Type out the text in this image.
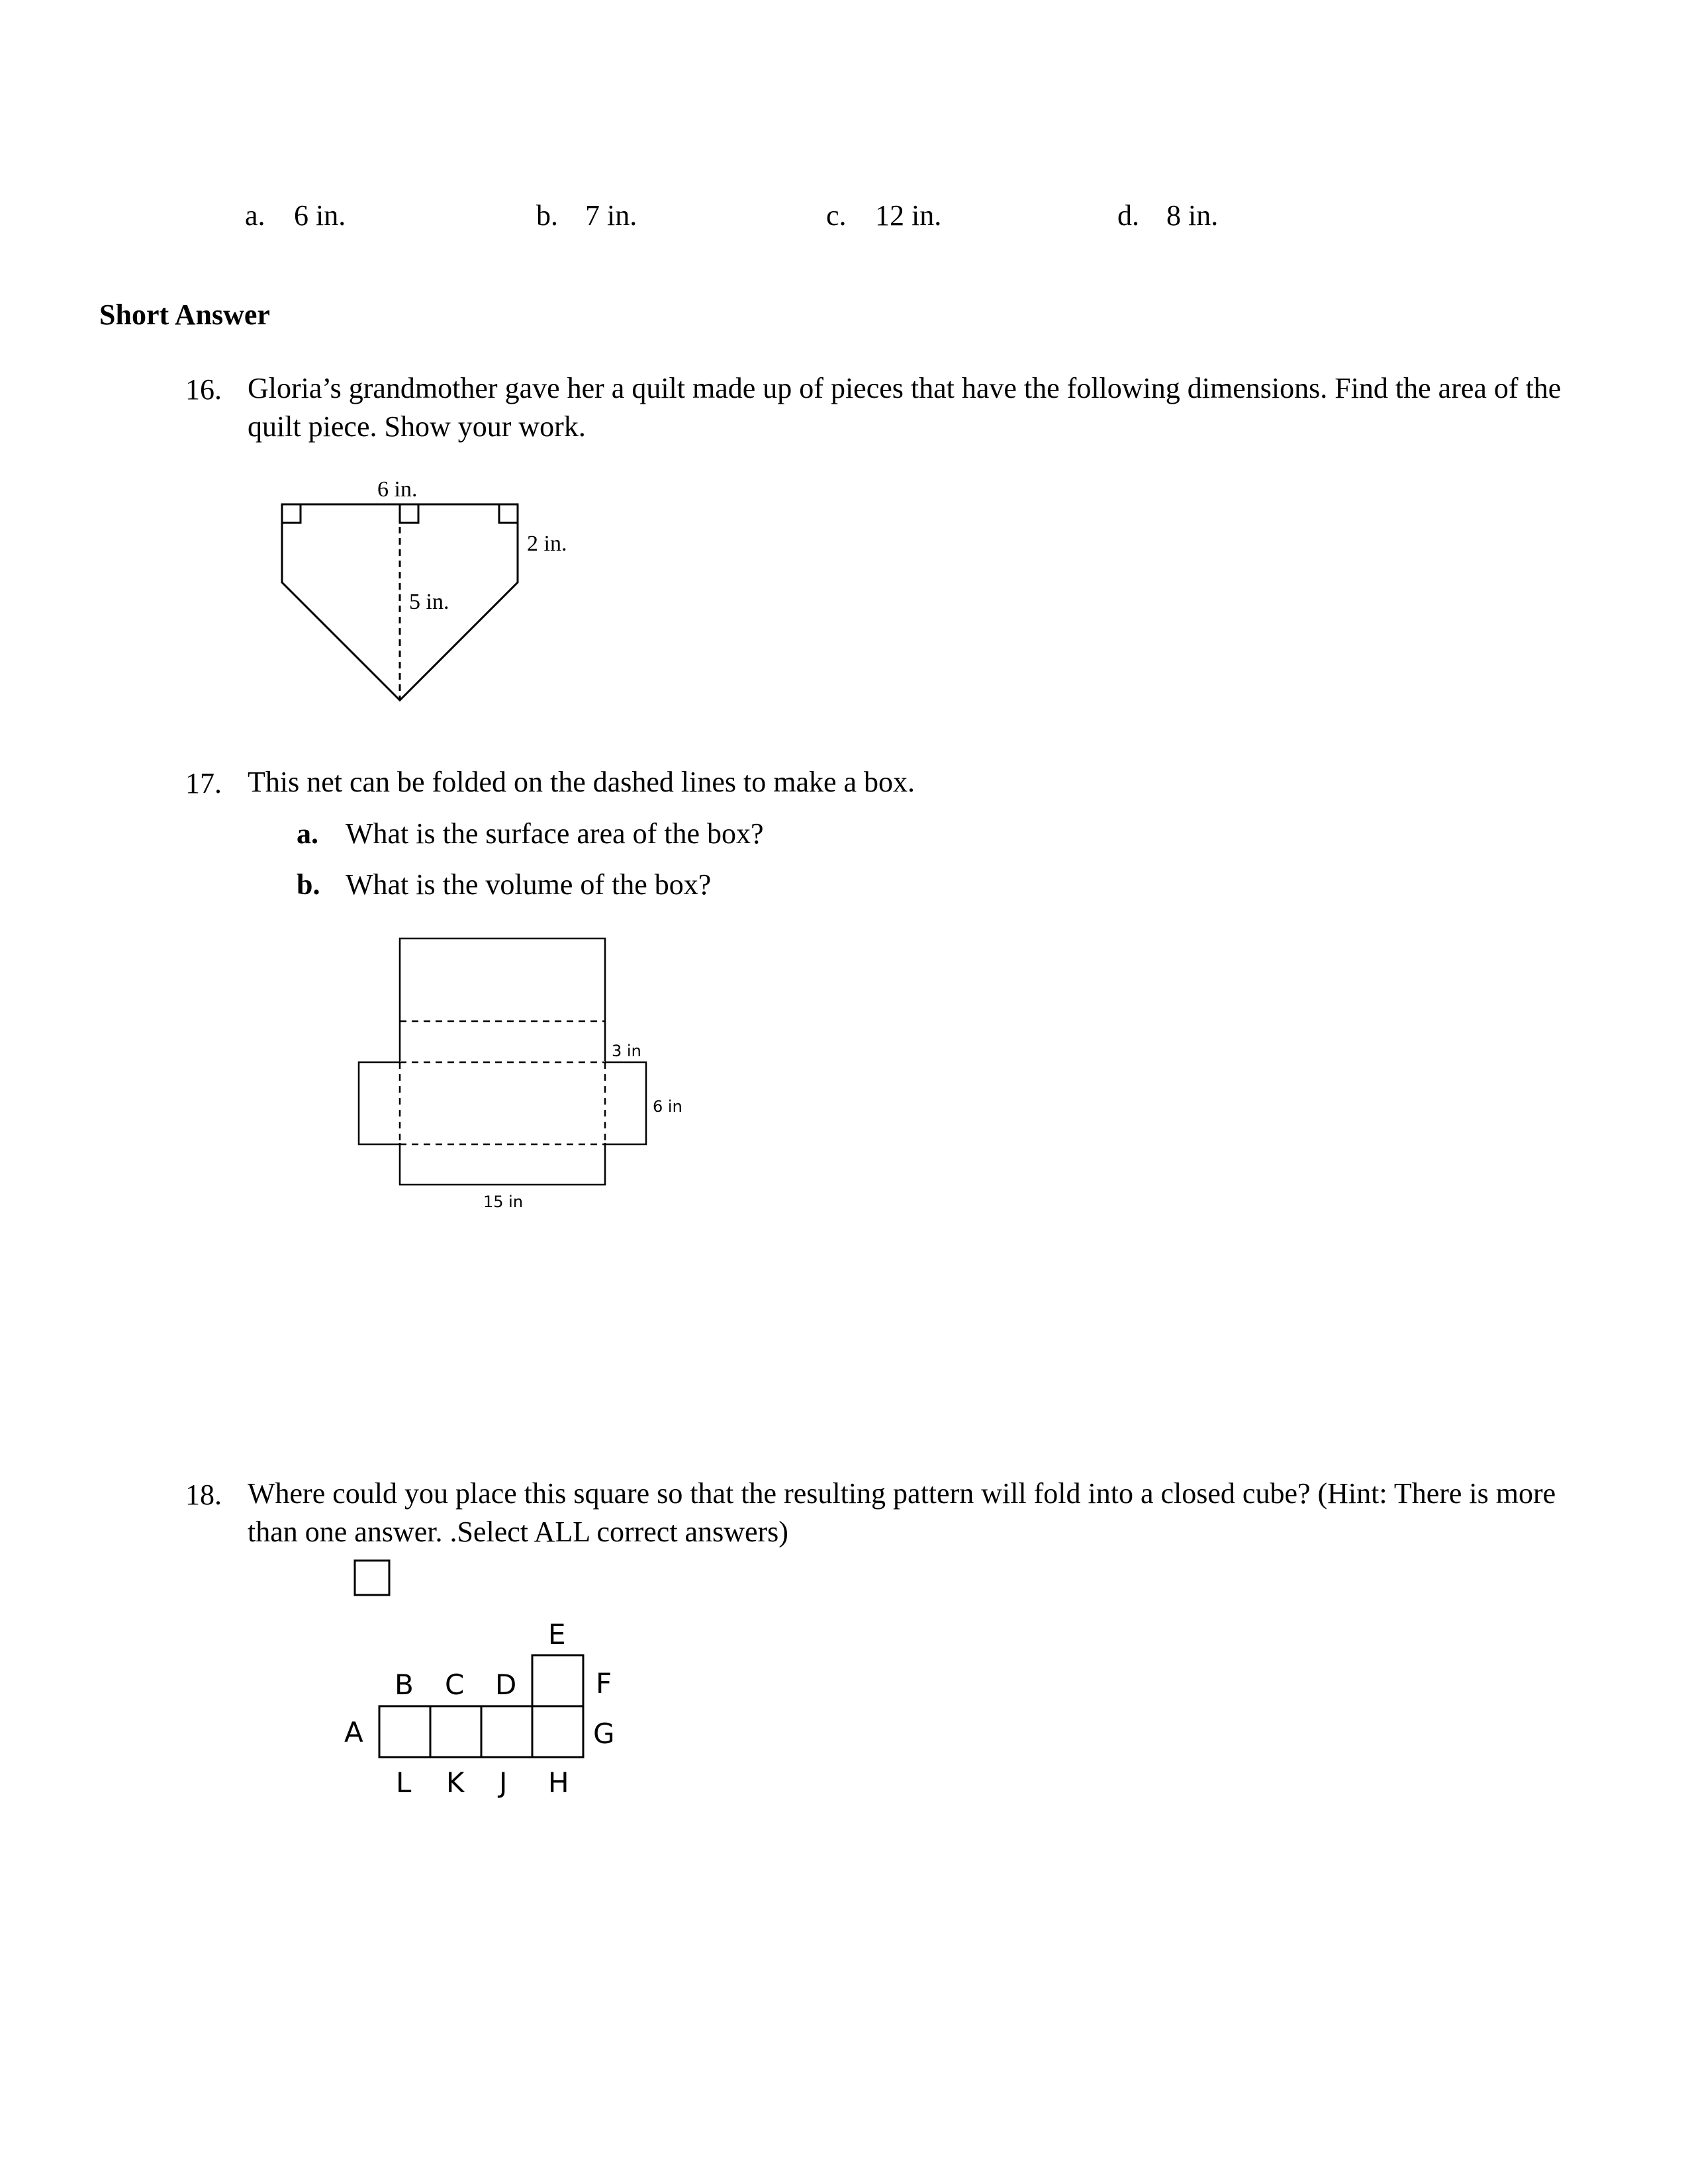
a. 6 in.	b. 7 in.	c. 12 in.	d. 8 in.
Short Answer
16. Gloria’s grandmother gave her a quilt made up of pieces that have the following dimensions. Find the area of the quilt piece. Show your work.
6 in.
2 in.
5 in.
17. This net can be folded on the dashed lines to make a box.
a. What is the surface area of the box?
b. What is the volume of the box?
3 in
6 in
15 in
18. Where could you place this square so that the resulting pattern will fold into a closed cube? (Hint: There is more than one answer. .Select ALL correct answers)
A
B C D
E
F
G
H
J
K
L
